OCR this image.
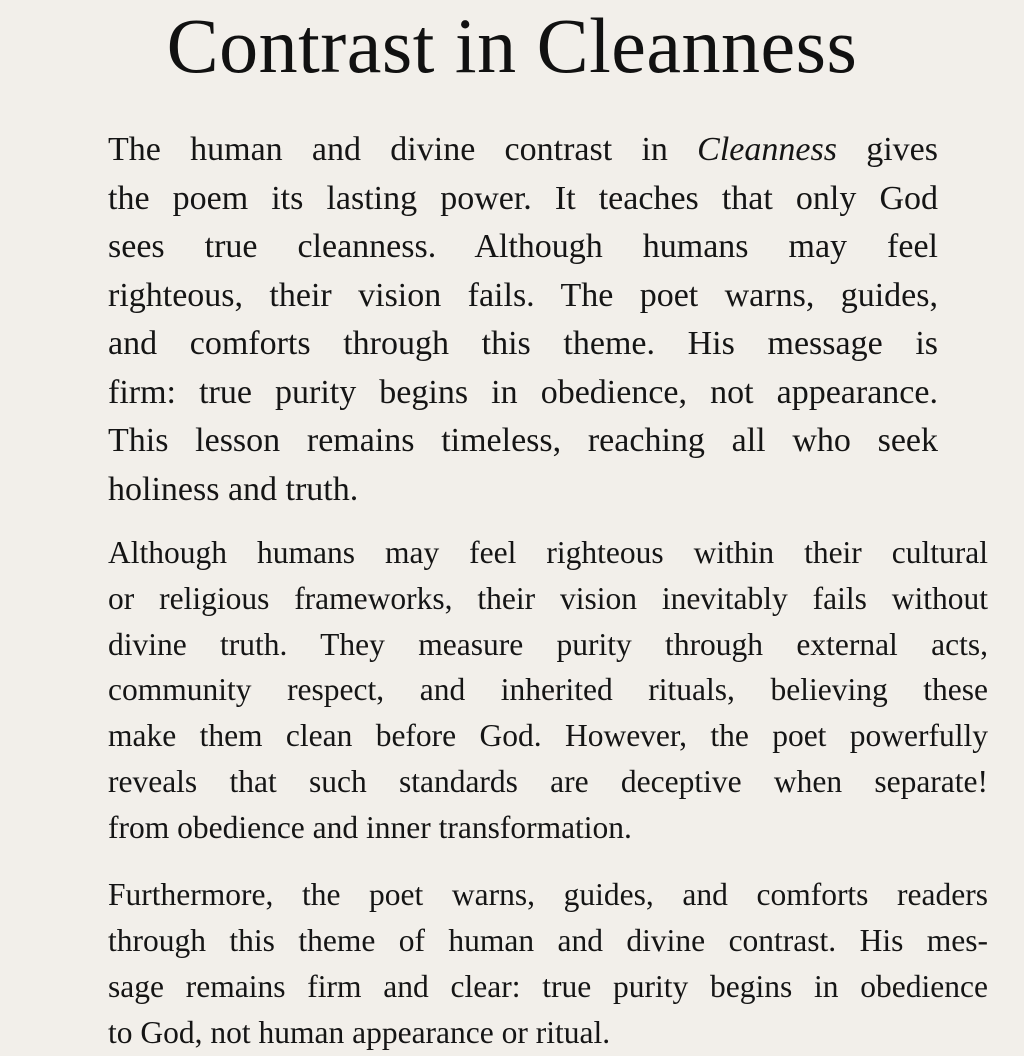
Contrast in Cleanness

The human and divine contrast in Cleanness gives
the poem its lasting power. It teaches that only God
sees true cleanness. Although humans may feel
righteous, their vision fails. The poet warns, guides,
and comforts through this theme. His message is
firm: true purity begins in obedience, not appearance.
This lesson remains timeless, reaching all who seek
holiness and truth.

Although humans may feel righteous within their cultural
or religious frameworks, their vision inevitably fails without
divine truth. They measure purity through external acts,
community respect, and inherited rituals, believing these
make them clean before God. However, the poet powerfully
reveals that such standards are deceptive when separate!
from obedience and inner transformation.

Furthermore, the poet warns, guides, and comforts readers
through this theme of human and divine contrast. His mes-
sage remains firm and clear: true purity begins in obedience
to God, not human appearance or ritual.
